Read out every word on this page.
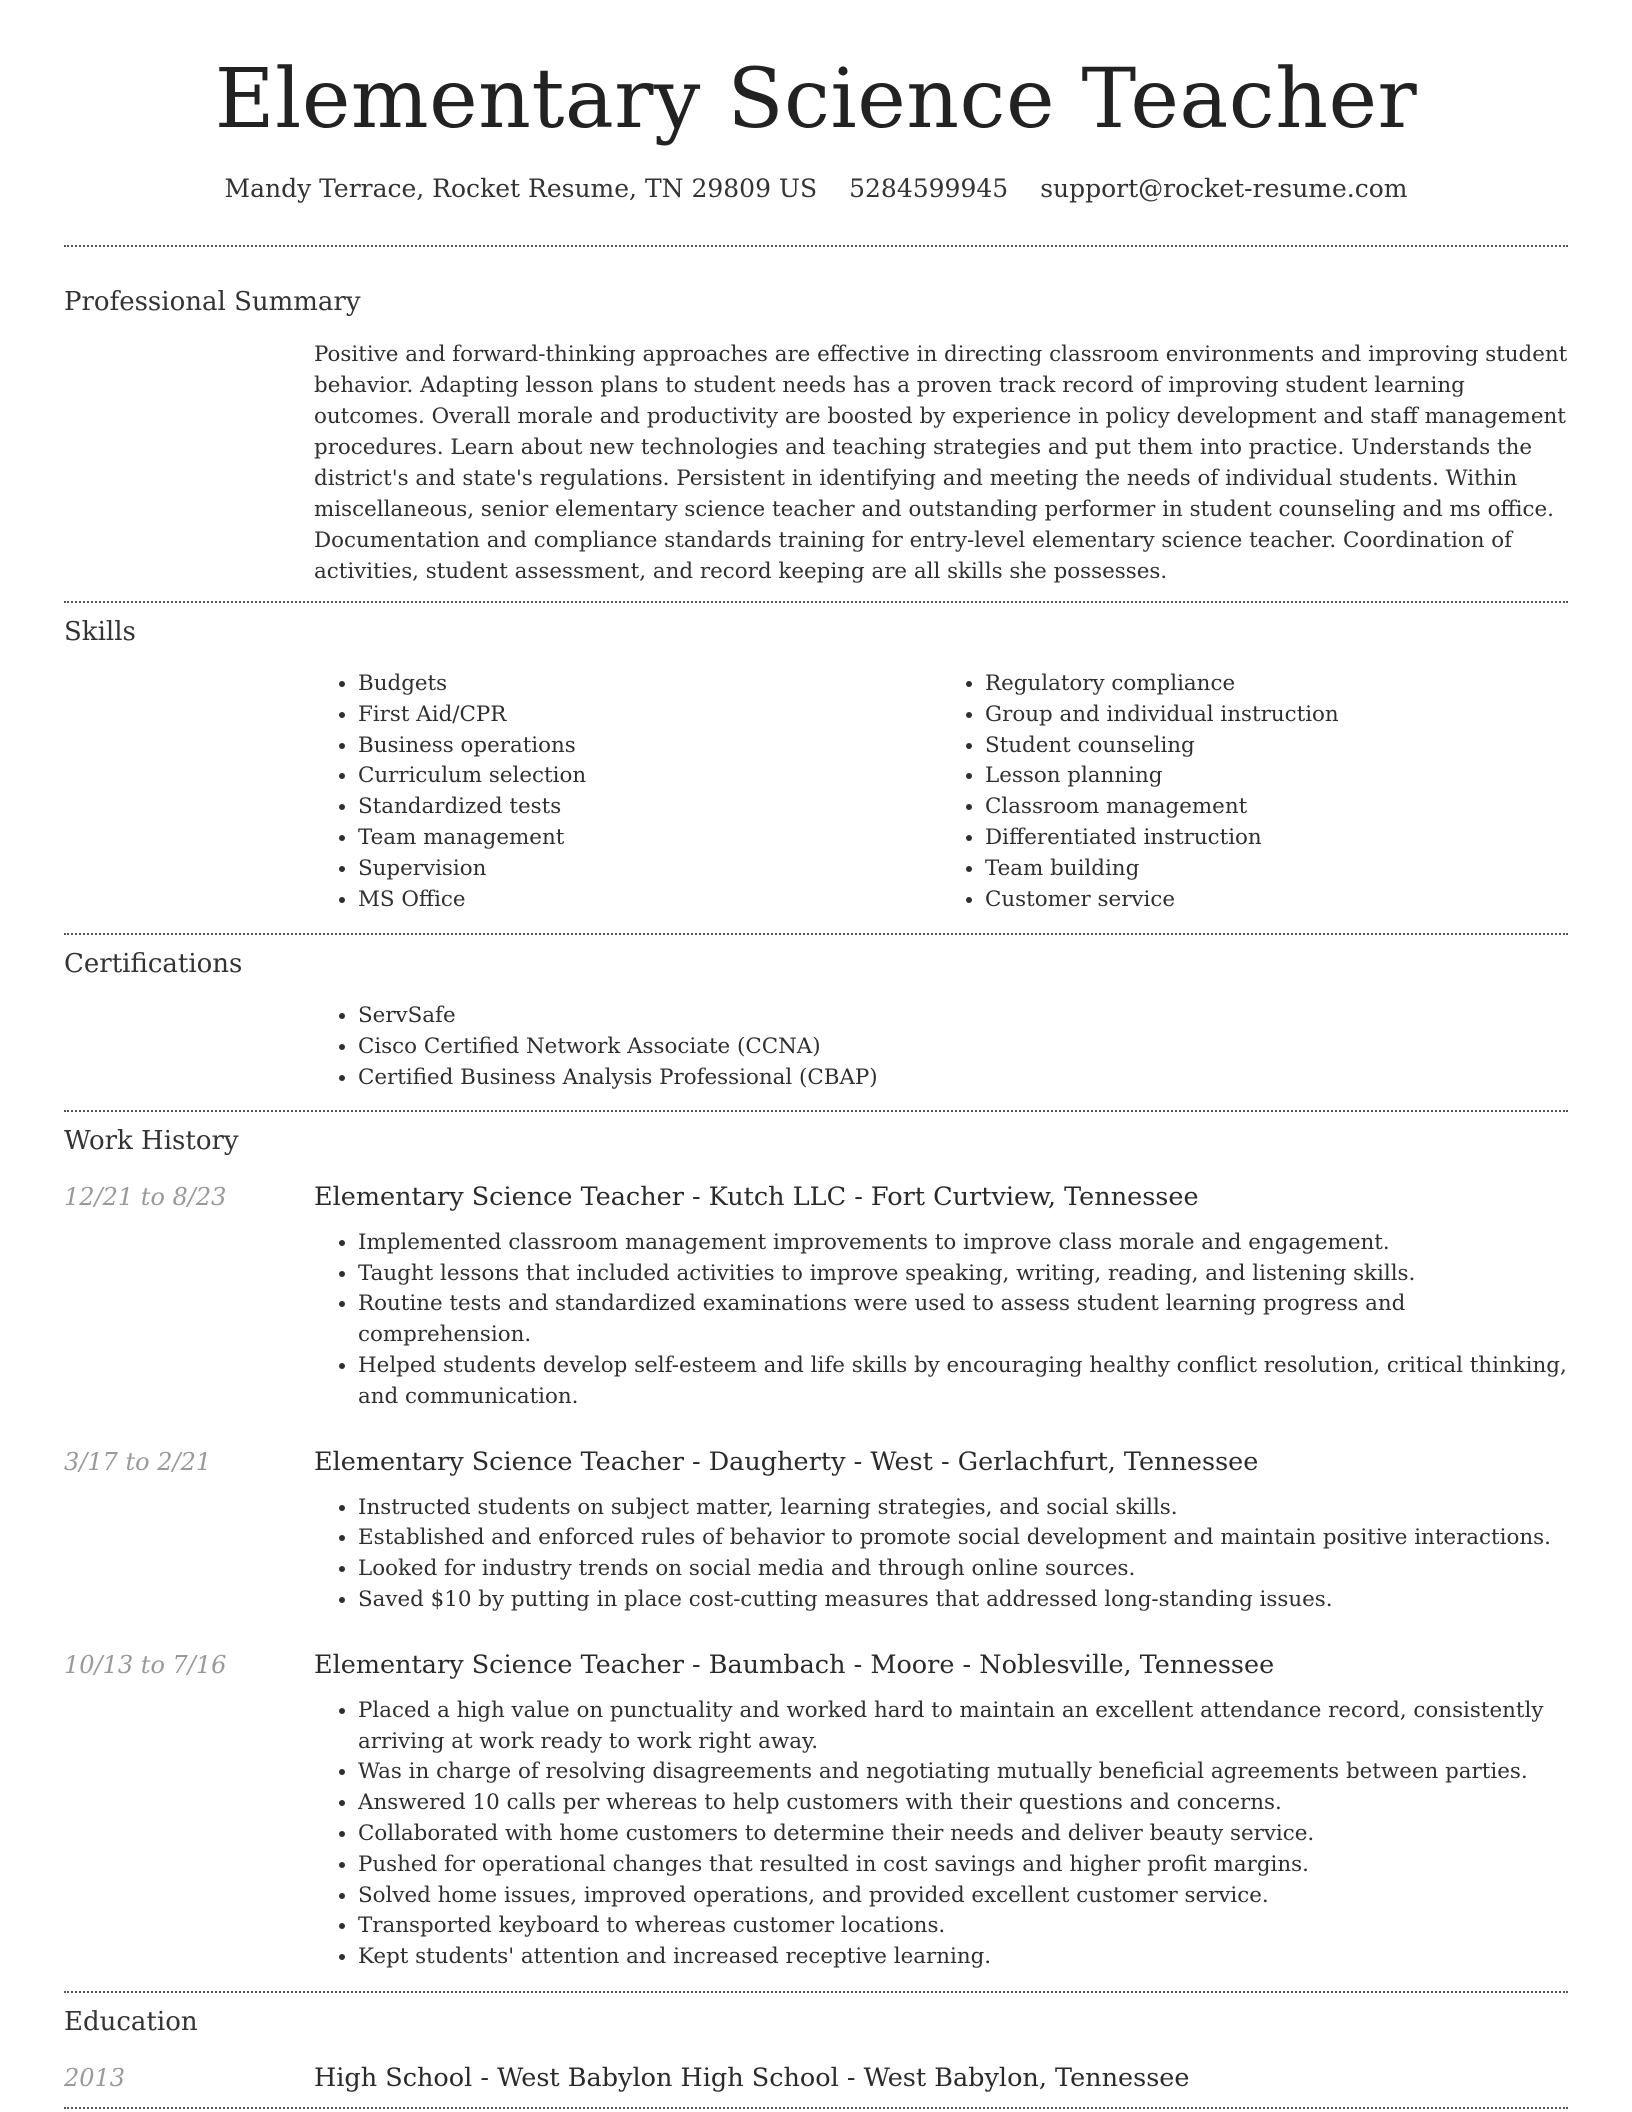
Elementary Science Teacher
Mandy Terrace, Rocket Resume, TN 29809 US 5284599945 support@rocket-resume.com
Professional Summary

Positive and forward-thinking approaches are effective in directing classroom environments and improving student behavior. Adapting lesson plans to student needs has a proven track record of improving student learning outcomes. Overall morale and productivity are boosted by experience in policy development and staff management procedures. Learn about new technologies and teaching strategies and put them into practice. Understands the district's and state's regulations. Persistent in identifying and meeting the needs of individual students. Within miscellaneous, senior elementary science teacher and outstanding performer in student counseling and ms office. Documentation and compliance standards training for entry-level elementary science teacher. Coordination of activities, student assessment, and record keeping are all skills she possesses.

Skills
• Budgets
• First Aid/CPR
• Business operations
• Curriculum selection
• Standardized tests
• Team management
• Supervision
• MS Office
• Regulatory compliance
• Group and individual instruction
• Student counseling
• Lesson planning
• Classroom management
• Differentiated instruction
• Team building
• Customer service
Certifications
• ServSafe
• Cisco Certified Network Associate (CCNA)
• Certified Business Analysis Professional (CBAP)
Work History
12/21 to 8/23	Elementary Science Teacher - Kutch LLC - Fort Curtview, Tennessee
• Implemented classroom management improvements to improve class morale and engagement.
• Taught lessons that included activities to improve speaking, writing, reading, and listening skills.
• Routine tests and standardized examinations were used to assess student learning progress and comprehension.
• Helped students develop self-esteem and life skills by encouraging healthy conflict resolution, critical thinking, and communication.
3/17 to 2/21	Elementary Science Teacher - Daugherty - West - Gerlachfurt, Tennessee
• Instructed students on subject matter, learning strategies, and social skills.
• Established and enforced rules of behavior to promote social development and maintain positive interactions.
• Looked for industry trends on social media and through online sources.
• Saved $10 by putting in place cost-cutting measures that addressed long-standing issues.
10/13 to 7/16	Elementary Science Teacher - Baumbach - Moore - Noblesville, Tennessee
• Placed a high value on punctuality and worked hard to maintain an excellent attendance record, consistently arriving at work ready to work right away.
• Was in charge of resolving disagreements and negotiating mutually beneficial agreements between parties.
• Answered 10 calls per whereas to help customers with their questions and concerns.
• Collaborated with home customers to determine their needs and deliver beauty service.
• Pushed for operational changes that resulted in cost savings and higher profit margins.
• Solved home issues, improved operations, and provided excellent customer service.
• Transported keyboard to whereas customer locations.
• Kept students' attention and increased receptive learning.
Education
2013	High School - West Babylon High School - West Babylon, Tennessee
